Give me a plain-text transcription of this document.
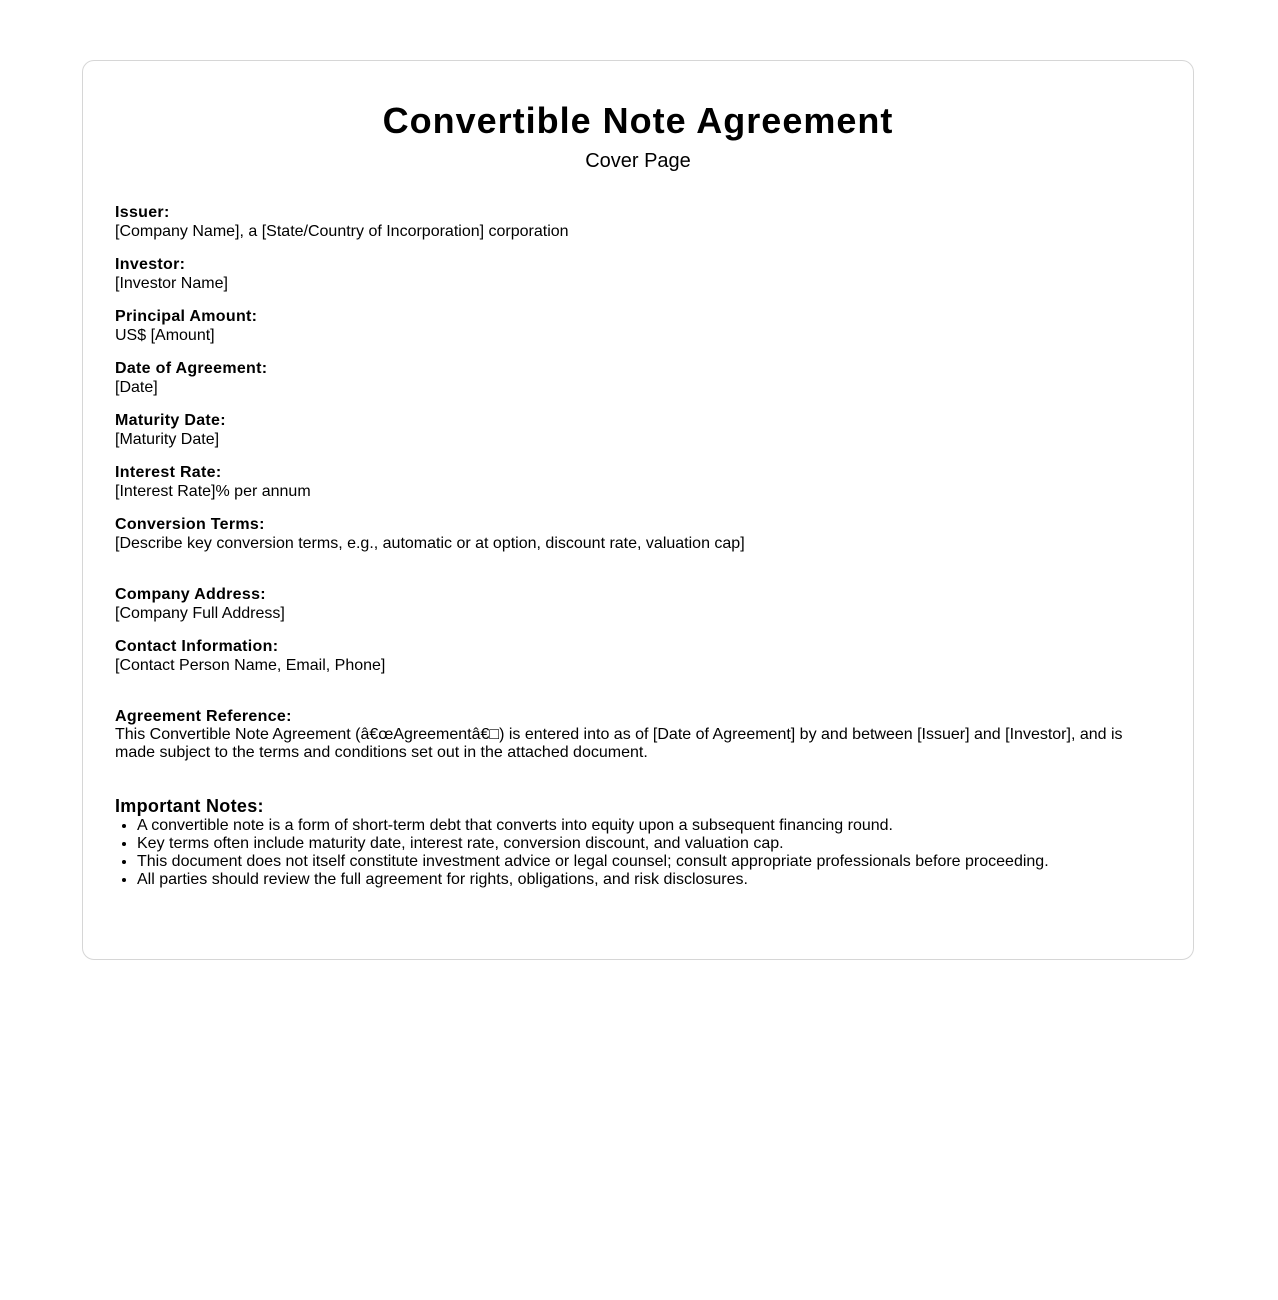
Convertible Note Agreement
Cover Page
Issuer:
[Company Name], a [State/Country of Incorporation] corporation
Investor:
[Investor Name]
Principal Amount:
US$ [Amount]
Date of Agreement:
[Date]
Maturity Date:
[Maturity Date]
Interest Rate:
[Interest Rate]% per annum
Conversion Terms:
[Describe key conversion terms, e.g., automatic or at option, discount rate, valuation cap]
Company Address:
[Company Full Address]
Contact Information:
[Contact Person Name, Email, Phone]
Agreement Reference:
This Convertible Note Agreement (â€œAgreementâ€□) is entered into as of [Date of Agreement] by and between [Issuer] and [Investor], and is made subject to the terms and conditions set out in the attached document.
Important Notes:
• A convertible note is a form of short-term debt that converts into equity upon a subsequent financing round.
• Key terms often include maturity date, interest rate, conversion discount, and valuation cap.
• This document does not itself constitute investment advice or legal counsel; consult appropriate professionals before proceeding.
• All parties should review the full agreement for rights, obligations, and risk disclosures.
